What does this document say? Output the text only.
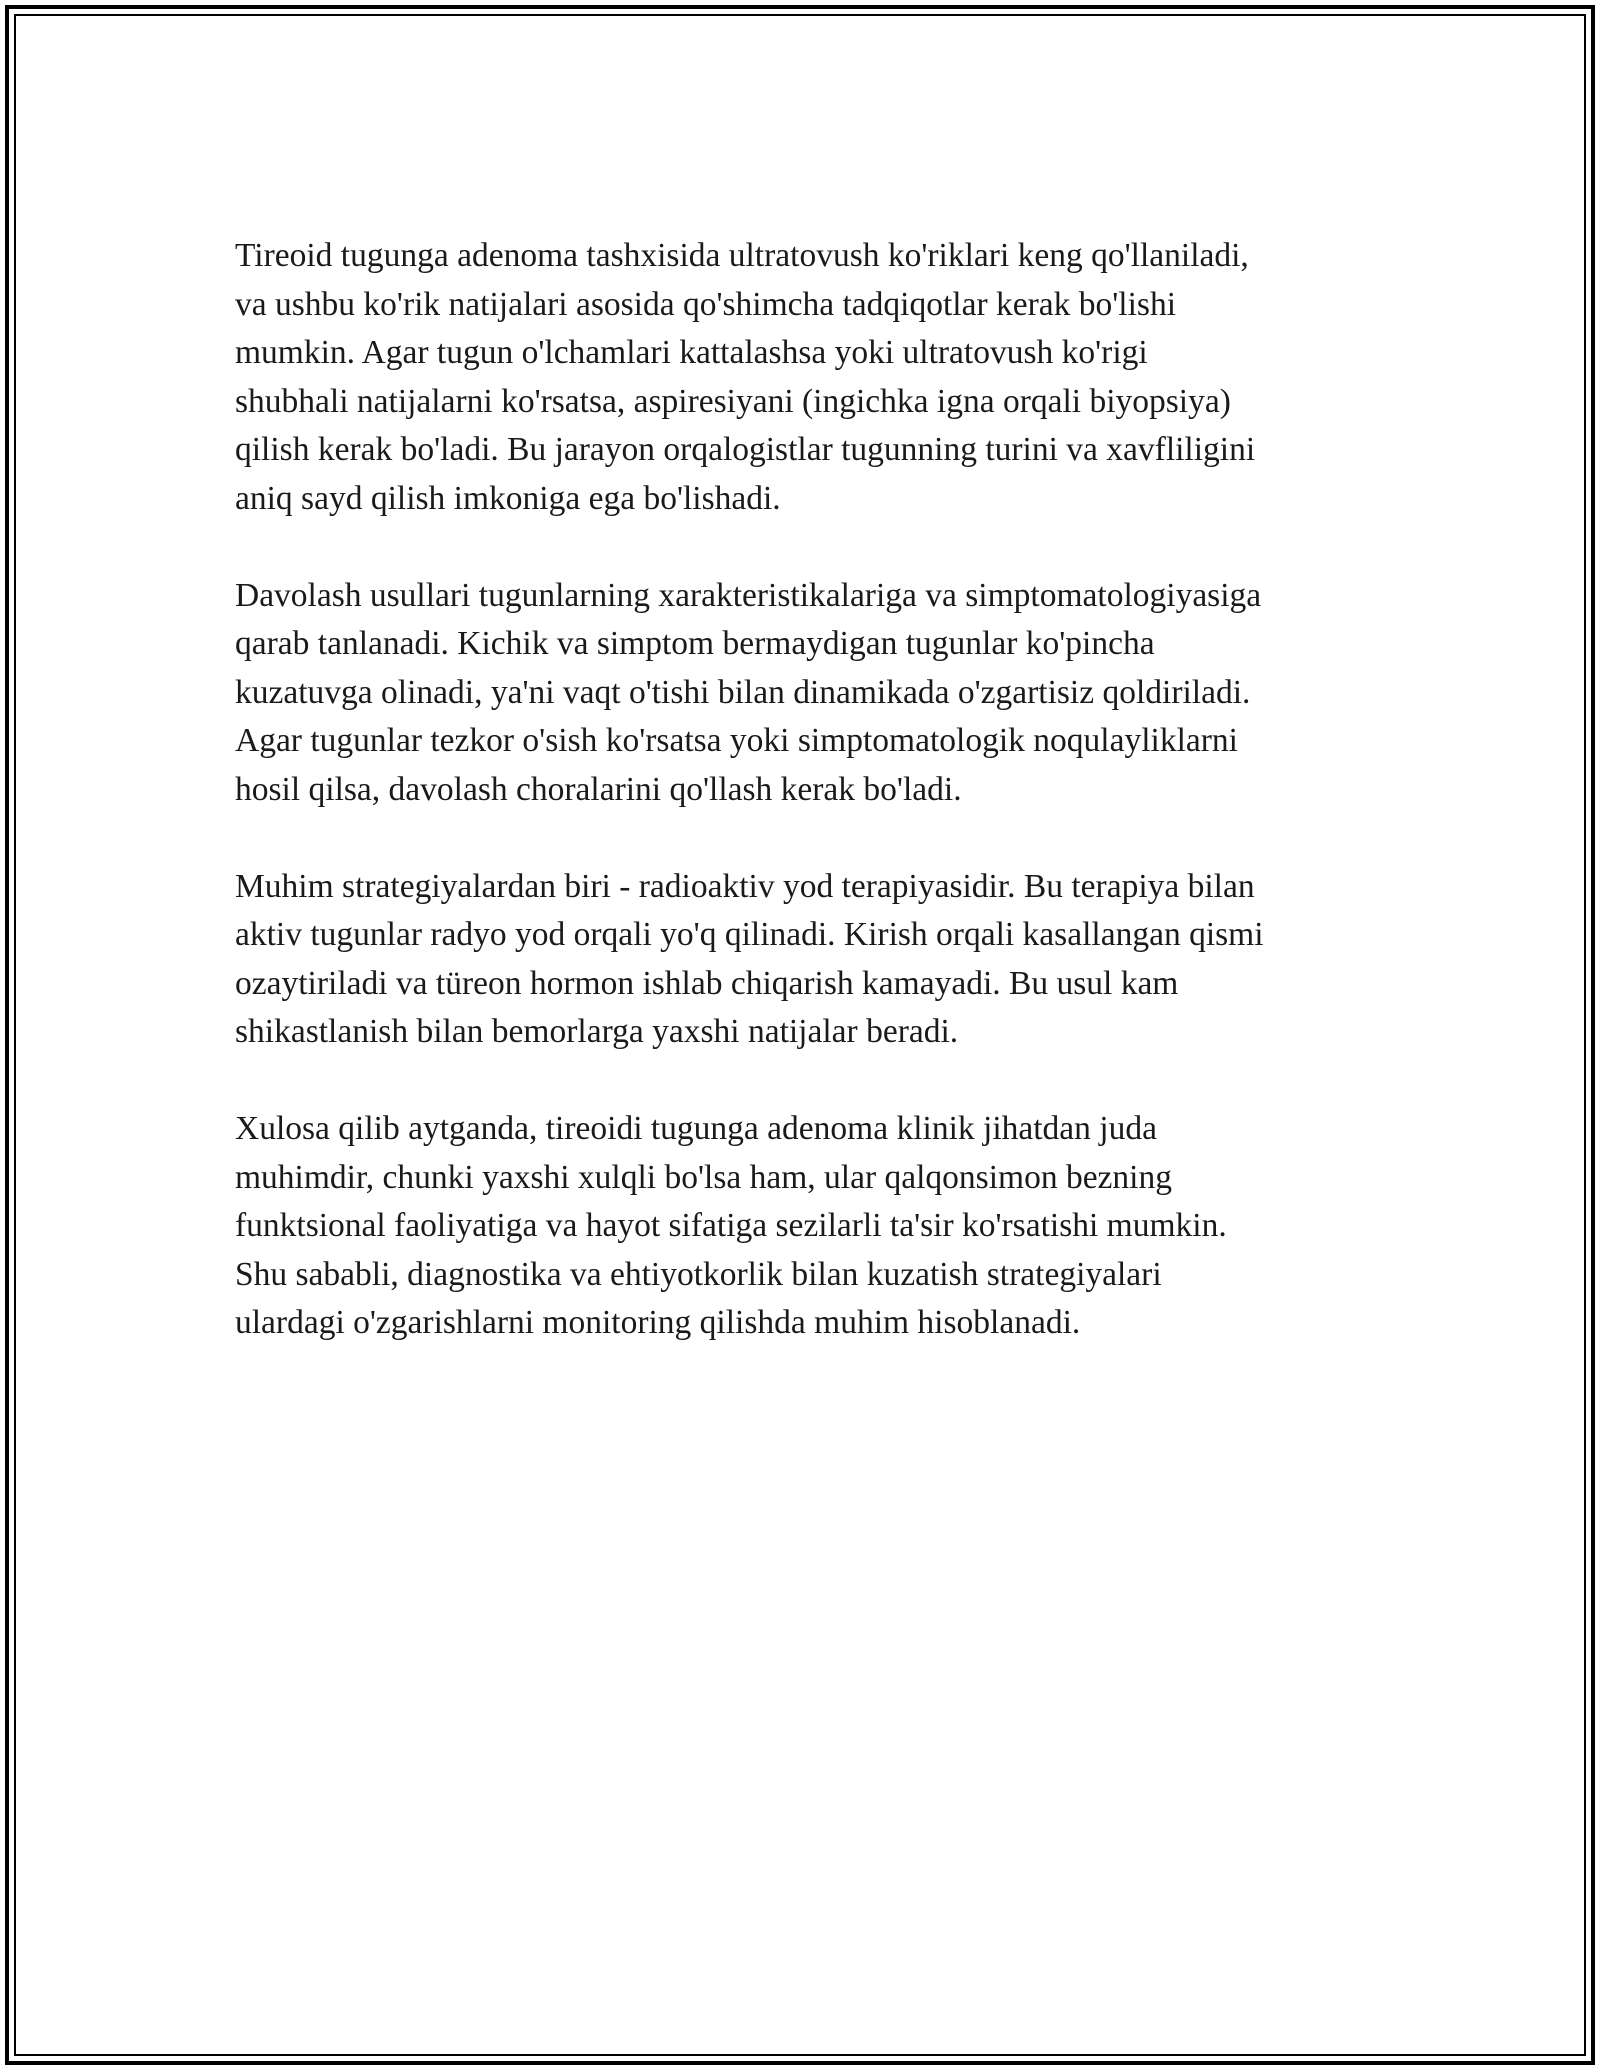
Tireoid tugunga adenoma tashxisida ultratovush ko'riklari keng qo'llaniladi,
va ushbu ko'rik natijalari asosida qo'shimcha tadqiqotlar kerak bo'lishi
mumkin. Agar tugun o'lchamlari kattalashsa yoki ultratovush ko'rigi
shubhali natijalarni ko'rsatsa, aspiresiyani (ingichka igna orqali biyopsiya)
qilish kerak bo'ladi. Bu jarayon orqalogistlar tugunning turini va xavfliligini
aniq sayd qilish imkoniga ega bo'lishadi.

Davolash usullari tugunlarning xarakteristikalariga va simptomatologiyasiga
qarab tanlanadi. Kichik va simptom bermaydigan tugunlar ko'pincha
kuzatuvga olinadi, ya'ni vaqt o'tishi bilan dinamikada o'zgartisiz qoldiriladi.
Agar tugunlar tezkor o'sish ko'rsatsa yoki simptomatologik noqulayliklarni
hosil qilsa, davolash choralarini qo'llash kerak bo'ladi.

Muhim strategiyalardan biri - radioaktiv yod terapiyasidir. Bu terapiya bilan
aktiv tugunlar radyo yod orqali yo'q qilinadi. Kirish orqali kasallangan qismi
ozaytiriladi va türeon hormon ishlab chiqarish kamayadi. Bu usul kam
shikastlanish bilan bemorlarga yaxshi natijalar beradi.

Xulosa qilib aytganda, tireoidi tugunga adenoma klinik jihatdan juda
muhimdir, chunki yaxshi xulqli bo'lsa ham, ular qalqonsimon bezning
funktsional faoliyatiga va hayot sifatiga sezilarli ta'sir ko'rsatishi mumkin.
Shu sababli, diagnostika va ehtiyotkorlik bilan kuzatish strategiyalari
ulardagi o'zgarishlarni monitoring qilishda muhim hisoblanadi.
